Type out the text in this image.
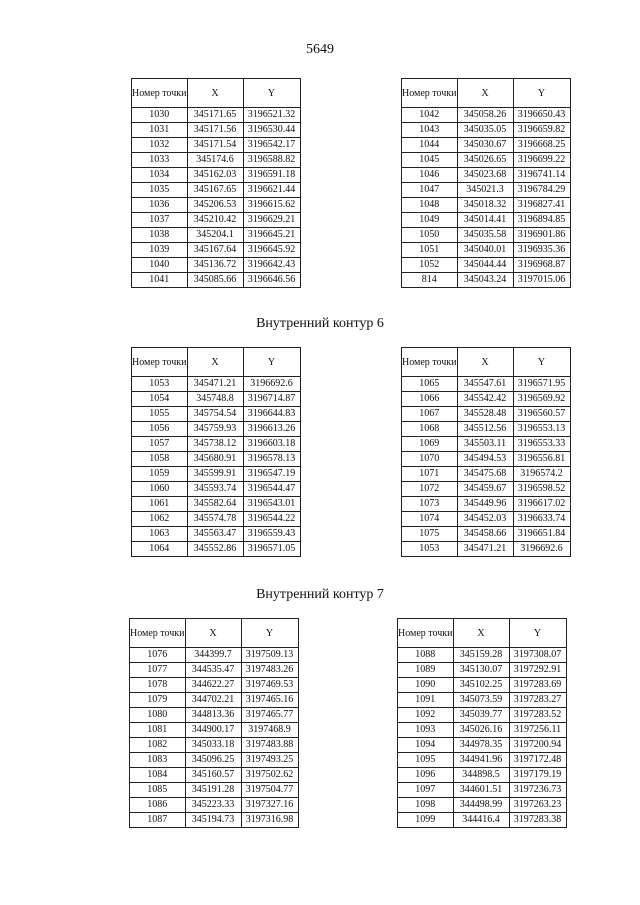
5649
Внутренний контур 6
Внутренний контур 7
Номер точки	X	Y
1030	345171.65	3196521.32
1031	345171.56	3196530.44
1032	345171.54	3196542.17
1033	345174.6	3196588.82
1034	345162.03	3196591.18
1035	345167.65	3196621.44
1036	345206.53	3196615.62
1037	345210.42	3196629.21
1038	345204.1	3196645.21
1039	345167.64	3196645.92
1040	345136.72	3196642.43
1041	345085.66	3196646.56
Номер точки	X	Y
1042	345058.26	3196650.43
1043	345035.05	3196659.82
1044	345030.67	3196668.25
1045	345026.65	3196699.22
1046	345023.68	3196741.14
1047	345021.3	3196784.29
1048	345018.32	3196827.41
1049	345014.41	3196894.85
1050	345035.58	3196901.86
1051	345040.01	3196935.36
1052	345044.44	3196968.87
814	345043.24	3197015.06
Номер точки	X	Y
1053	345471.21	3196692.6
1054	345748.8	3196714.87
1055	345754.54	3196644.83
1056	345759.93	3196613.26
1057	345738.12	3196603.18
1058	345680.91	3196578.13
1059	345599.91	3196547.19
1060	345593.74	3196544.47
1061	345582.64	3196543.01
1062	345574.78	3196544.22
1063	345563.47	3196559.43
1064	345552.86	3196571.05
Номер точки	X	Y
1065	345547.61	3196571.95
1066	345542.42	3196569.92
1067	345528.48	3196560.57
1068	345512.56	3196553.13
1069	345503.11	3196553.33
1070	345494.53	3196556.81
1071	345475.68	3196574.2
1072	345459.67	3196598.52
1073	345449.96	3196617.02
1074	345452.03	3196633.74
1075	345458.66	3196651.84
1053	345471.21	3196692.6
Номер точки	X	Y
1076	344399.7	3197509.13
1077	344535.47	3197483.26
1078	344622.27	3197469.53
1079	344702.21	3197465.16
1080	344813.36	3197465.77
1081	344900.17	3197468.9
1082	345033.18	3197483.88
1083	345096.25	3197493.25
1084	345160.57	3197502.62
1085	345191.28	3197504.77
1086	345223.33	3197327.16
1087	345194.73	3197316.98
Номер точки	X	Y
1088	345159.28	3197308.07
1089	345130.07	3197292.91
1090	345102.25	3197283.69
1091	345073.59	3197283.27
1092	345039.77	3197283.52
1093	345026.16	3197256.11
1094	344978.35	3197200.94
1095	344941.96	3197172.48
1096	344898.5	3197179.19
1097	344601.51	3197236.73
1098	344498.99	3197263.23
1099	344416.4	3197283.38
